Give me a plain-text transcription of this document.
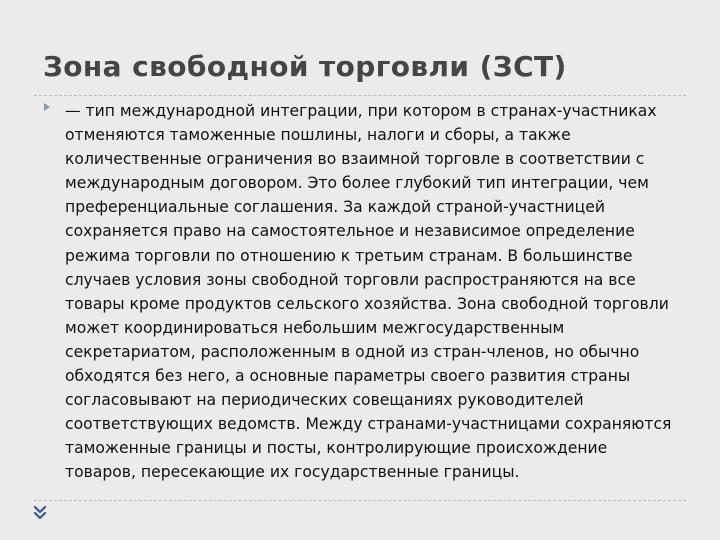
Зона свободной торговли (ЗСТ)
— тип международной интеграции, при котором в странах-участниках
отменяются таможенные пошлины, налоги и сборы, а также
количественные ограничения во взаимной торговле в соответствии с
международным договором. Это более глубокий тип интеграции, чем
преференциальные соглашения. За каждой страной-участницей
сохраняется право на самостоятельное и независимое определение
режима торговли по отношению к третьим странам. В большинстве
случаев условия зоны свободной торговли распространяются на все
товары кроме продуктов сельского хозяйства. Зона свободной торговли
может координироваться небольшим межгосударственным
секретариатом, расположенным в одной из стран-членов, но обычно
обходятся без него, а основные параметры своего развития страны
согласовывают на периодических совещаниях руководителей
соответствующих ведомств. Между странами-участницами сохраняются
таможенные границы и посты, контролирующие происхождение
товаров, пересекающие их государственные границы.
